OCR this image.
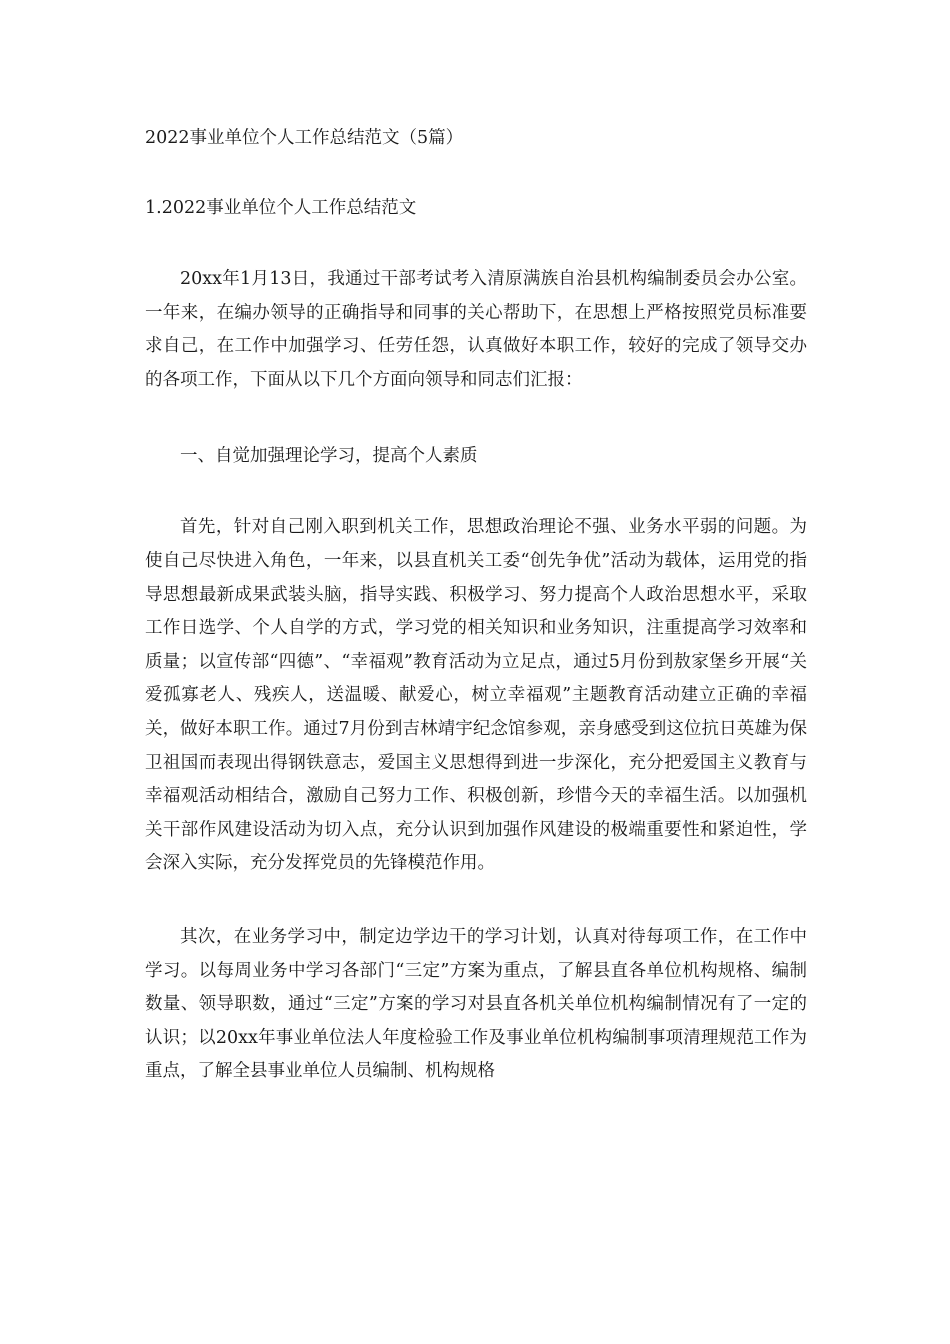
2022事业单位个人工作总结范文（5篇）

1.2022事业单位个人工作总结范文

20xx年1月13日，我通过干部考试考入清原满族自治县机构编制委员会办公室。一年来，在编办领导的正确指导和同事的关心帮助下，在思想上严格按照党员标准要求自己，在工作中加强学习、任劳任怨，认真做好本职工作，较好的完成了领导交办的各项工作，下面从以下几个方面向领导和同志们汇报：

一、自觉加强理论学习，提高个人素质

首先，针对自己刚入职到机关工作，思想政治理论不强、业务水平弱的问题。为使自己尽快进入角色，一年来，以县直机关工委“创先争优”活动为载体，运用党的指导思想最新成果武装头脑，指导实践、积极学习、努力提高个人政治思想水平，采取工作日选学、个人自学的方式，学习党的相关知识和业务知识，注重提高学习效率和质量；以宣传部“四德”、“幸福观”教育活动为立足点，通过5月份到敖家堡乡开展“关爱孤寡老人、残疾人，送温暖、献爱心，树立幸福观”主题教育活动建立正确的幸福关，做好本职工作。通过7月份到吉林靖宇纪念馆参观，亲身感受到这位抗日英雄为保卫祖国而表现出得钢铁意志，爱国主义思想得到进一步深化，充分把爱国主义教育与幸福观活动相结合，激励自己努力工作、积极创新，珍惜今天的幸福生活。以加强机关干部作风建设活动为切入点，充分认识到加强作风建设的极端重要性和紧迫性，学会深入实际，充分发挥党员的先锋模范作用。

其次，在业务学习中，制定边学边干的学习计划，认真对待每项工作，在工作中学习。以每周业务中学习各部门“三定”方案为重点，了解县直各单位机构规格、编制数量、领导职数，通过“三定”方案的学习对县直各机关单位机构编制情况有了一定的认识；以20xx年事业单位法人年度检验工作及事业单位机构编制事项清理规范工作为重点，了解全县事业单位人员编制、机构规格
